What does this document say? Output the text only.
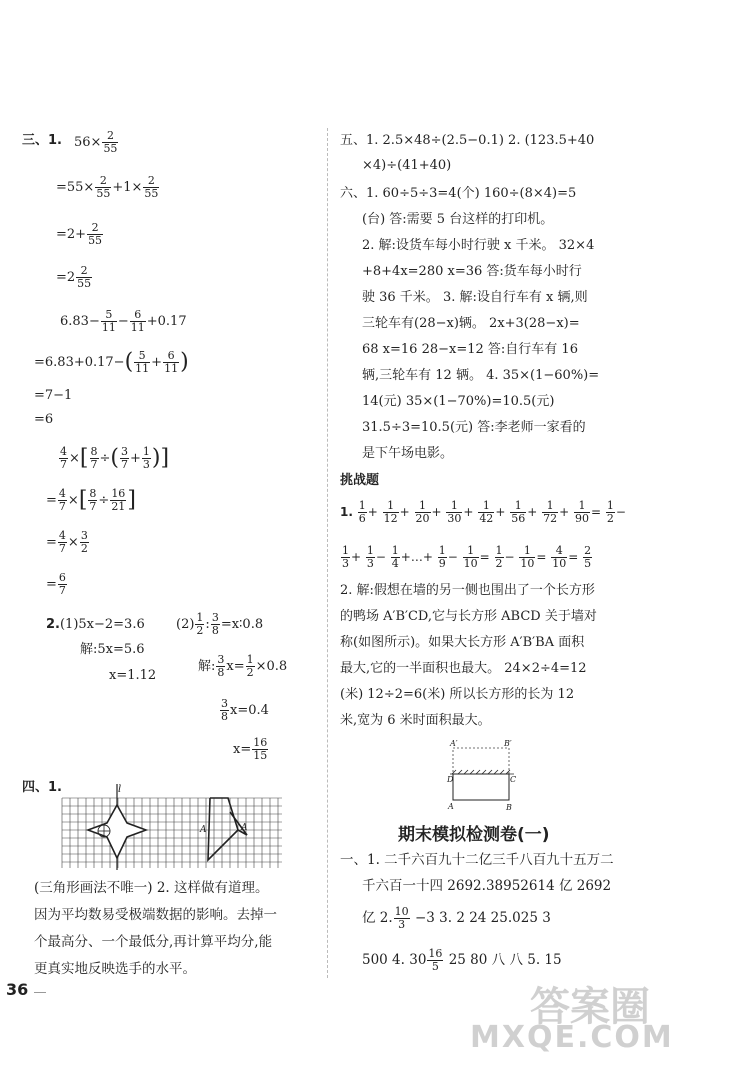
三、1. $56\times \frac{2}{55}$
$=55\times \frac{2}{55} +1\times \frac{2}{55}$
$=2+ \frac{2}{55}$
$=2 \frac{2}{55}$
$6.83- \frac{5}{11} - \frac{6}{11} +0.17$
$=6.83+0.17-( \frac{5}{11} + \frac{6}{11}$ )
=7−1
=6
$\frac{4}{7}$ ×[ $\frac{8}{7}$ ÷( $\frac{3}{7} + \frac{1}{3}$ )]
= $\frac{4}{7}$ ×[ $\frac{8}{7} \div \frac{16}{21}$ ]
= $\frac{4}{7} \times \frac{3}{2}$
= $\frac{6}{7}$
2.(1)5x−2=3.6
解:5x=5.6
x=1.12
$(2) \frac{1}{2}$ : $\frac{3}{8}$ =x∶0.8
解: $\frac{3}{8} x= \frac{1}{2} \times 0.8$
$\frac{3}{8} x=0.4$
$x= \frac{16}{15}$
四、1.	l
A	A
(三角形画法不唯一) 2. 这样做有道理。
因为平均数易受极端数据的影响。去掉一
个最高分、一个最低分,再计算平均分,能
更真实地反映选手的水平。
五、1. 2.5×48÷(2.5−0.1) 2. (123.5+40
×4)÷(41+40)
六、1. 60÷5÷3=4(个) 160÷(8×4)=5
(台) 答:需要 5 台这样的打印机。
2. 解:设货车每小时行驶 x 千米。 32×4
+8+4x=280 x=36 答:货车每小时行
驶 36 千米。 3. 解:设自行车有 x 辆,则
三轮车有(28−x)辆。 2x+3(28−x)=
68 x=16 28−x=12 答:自行车有 16
辆,三轮车有 12 辆。 4. 35×(1−60%)=
14(元) 35×(1−70%)=10.5(元)
31.5÷3=10.5(元) 答:李老师一家看的
是下午场电影。
挑战题
1. $\frac{1}{6} + \frac{1}{12} + \frac{1}{20} + \frac{1}{30} + \frac{1}{42} + \frac{1}{56} + \frac{1}{72} + \frac{1}{90} = \frac{1}{2}$ −
$\frac{1}{3} + \frac{1}{3} - \frac{1}{4}$ +…+ $\frac{1}{9} - \frac{1}{10} = \frac{1}{2} - \frac{1}{10} = \frac{4}{10} = \frac{2}{5}$
2. 解:假想在墙的另一侧也围出了一个长方形
的鸭场 A′B′CD,它与长方形 ABCD 关于墙对
称(如图所示)。如果大长方形 A′B′BA 面积
最大,它的一半面积也最大。 24×2÷4=12
(米) 12÷2=6(米) 所以长方形的长为 12
米,宽为 6 米时面积最大。
A′	B′
D	C
A	B
期末模拟检测卷(一)
一、1. 二千六百九十二亿三千八百九十五万二
千六百一十四 2692.38952614 亿 2692
亿 2. $\frac{10}{3} -3$ 3. 2 24 25.025 3
500 4. $30 \frac{16}{5} 25$ 80 八 八 5. 15
36	答案圈
MXQE.COM
